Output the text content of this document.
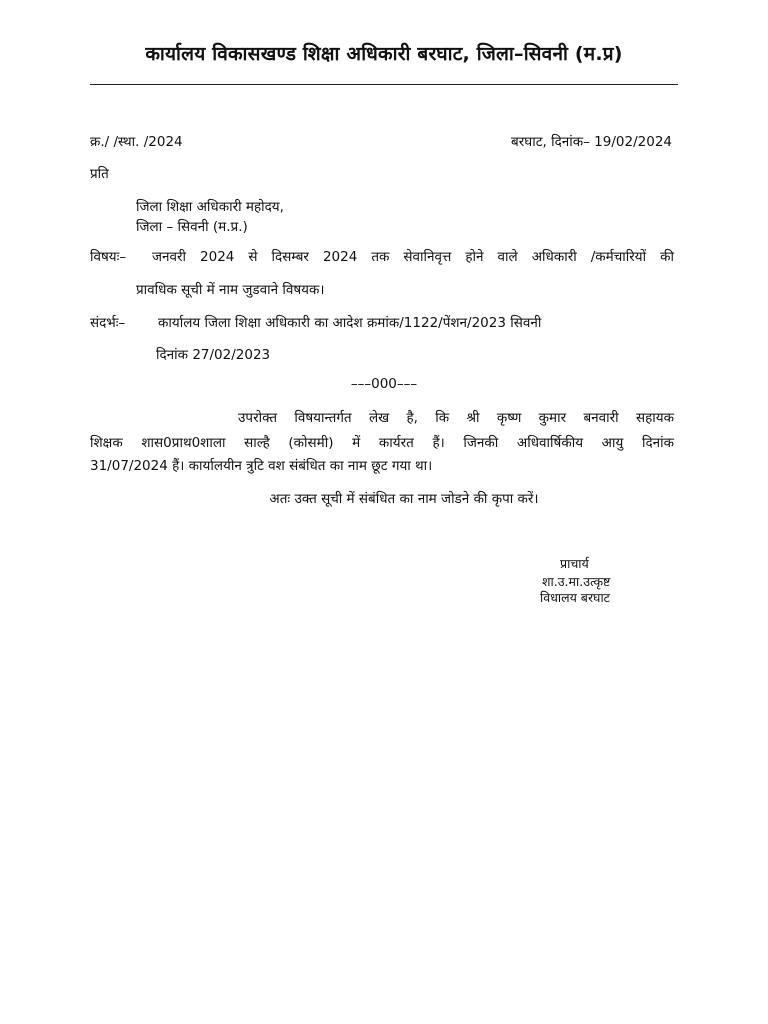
कार्यालय विकासखण्ड शिक्षा अधिकारी बरघाट, जिला–सिवनी (म.प्र)
क्र./ /स्था. /2024	बरघाट, दिनांक– 19/02/2024
प्रति
जिला शिक्षा अधिकारी महोदय,
जिला – सिवनी (म.प्र.)
विषयः– जनवरी 2024 से दिसम्बर 2024 तक सेवानिवृत्त होने वाले अधिकारी /कर्मचारियों की
प्रावधिक सूची में नाम जुडवाने विषयक।
संदर्भः– कार्यालय जिला शिक्षा अधिकारी का आदेश क्रमांक/1122/पेंशन/2023 सिवनी
दिनांक 27/02/2023
–––000–––
उपरोक्त विषयान्तर्गत लेख है, कि श्री कृष्ण कुमार बनवारी सहायक
शिक्षक शास0प्राथ0शाला साल्है (कोसमी) में कार्यरत हैं। जिनकी अधिवार्षिकीय आयु दिनांक
31/07/2024 हैं। कार्यालयीन त्रुटि वश संबंधित का नाम छूट गया था।
अतः उक्त सूची में संबंधित का नाम जोडने की कृपा करें।
प्राचार्य
शा.उ.मा.उत्कृष्ट
विधालय बरघाट
